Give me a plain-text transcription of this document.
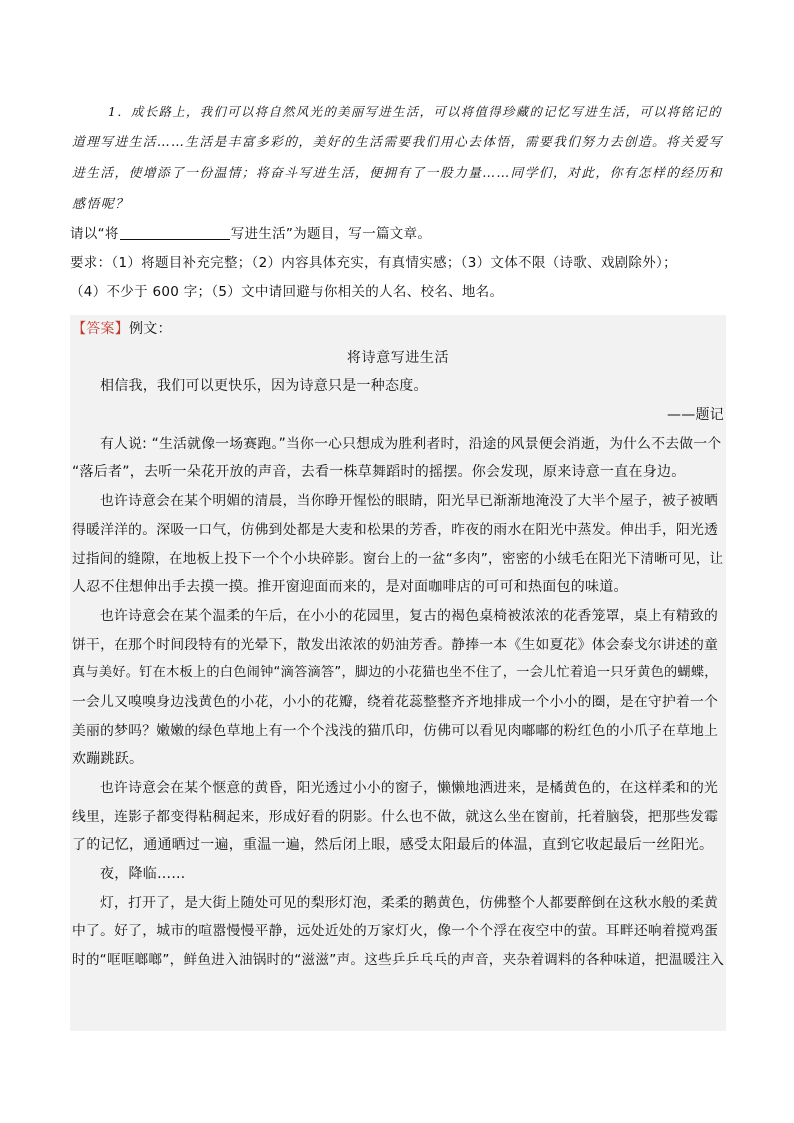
1．成长路上，我们可以将自然风光的美丽写进生活，可以将值得珍藏的记忆写进生活，可以将铭记的
道理写进生活……生活是丰富多彩的，美好的生活需要我们用心去体悟，需要我们努力去创造。将关爱写
进生活，使增添了一份温情；将奋斗写进生活，便拥有了一股力量……同学们，对此，你有怎样的经历和
感悟呢？
请以“将	写进生活”为题目，写一篇文章。
要求：（1）将题目补充完整；（2）内容具体充实，有真情实感；（3）文体不限（诗歌、戏剧除外）；
（4）不少于 600 字；（5）文中请回避与你相关的人名、校名、地名。
【答案】例文：
将诗意写进生活
相信我，我们可以更快乐，因为诗意只是一种态度。
——题记
有人说: “生活就像一场赛跑。”当你一心只想成为胜利者时，沿途的风景便会消逝，为什么不去做一个
“落后者”，去听一朵花开放的声音，去看一株草舞蹈时的摇摆。你会发现，原来诗意一直在身边。
也许诗意会在某个明媚的清晨，当你睁开惺忪的眼睛，阳光早已渐渐地淹没了大半个屋子，被子被晒
得暖洋洋的。深吸一口气，仿佛到处都是大麦和松果的芳香，昨夜的雨水在阳光中蒸发。伸出手，阳光透
过指间的缝隙，在地板上投下一个个小块碎影。窗台上的一盆“多肉”，密密的小绒毛在阳光下清晰可见，让
人忍不住想伸出手去摸一摸。推开窗迎面而来的，是对面咖啡店的可可和热面包的味道。
也许诗意会在某个温柔的午后，在小小的花园里，复古的褐色桌椅被浓浓的花香笼罩，桌上有精致的
饼干，在那个时间段特有的光晕下，散发出浓浓的奶油芳香。静捧一本《生如夏花》体会泰戈尔讲述的童
真与美好。钉在木板上的白色闹钟“滴答滴答”，脚边的小花猫也坐不住了，一会儿忙着追一只牙黄色的蝴蝶，
一会儿又嗅嗅身边浅黄色的小花，小小的花瓣，绕着花蕊整整齐齐地排成一个小小的圈，是在守护着一个
美丽的梦吗？嫩嫩的绿色草地上有一个个浅浅的猫爪印，仿佛可以看见肉嘟嘟的粉红色的小爪子在草地上
欢蹦跳跃。
也许诗意会在某个惬意的黄昏，阳光透过小小的窗子，懒懒地洒进来，是橘黄色的，在这样柔和的光
线里，连影子都变得粘稠起来，形成好看的阴影。什么也不做，就这么坐在窗前，托着脑袋，把那些发霉
了的记忆，通通晒过一遍，重温一遍，然后闭上眼，感受太阳最后的体温，直到它收起最后一丝阳光。
夜，降临……
灯，打开了，是大街上随处可见的梨形灯泡，柔柔的鹅黄色，仿佛整个人都要醉倒在这秋水般的柔黄
中了。好了，城市的喧嚣慢慢平静，远处近处的万家灯火，像一个个浮在夜空中的萤。耳畔还响着搅鸡蛋
时的“哐哐啷啷”，鲜鱼进入油锅时的“滋滋”声。这些乒乒乓乓的声音，夹杂着调料的各种味道，把温暖注入
